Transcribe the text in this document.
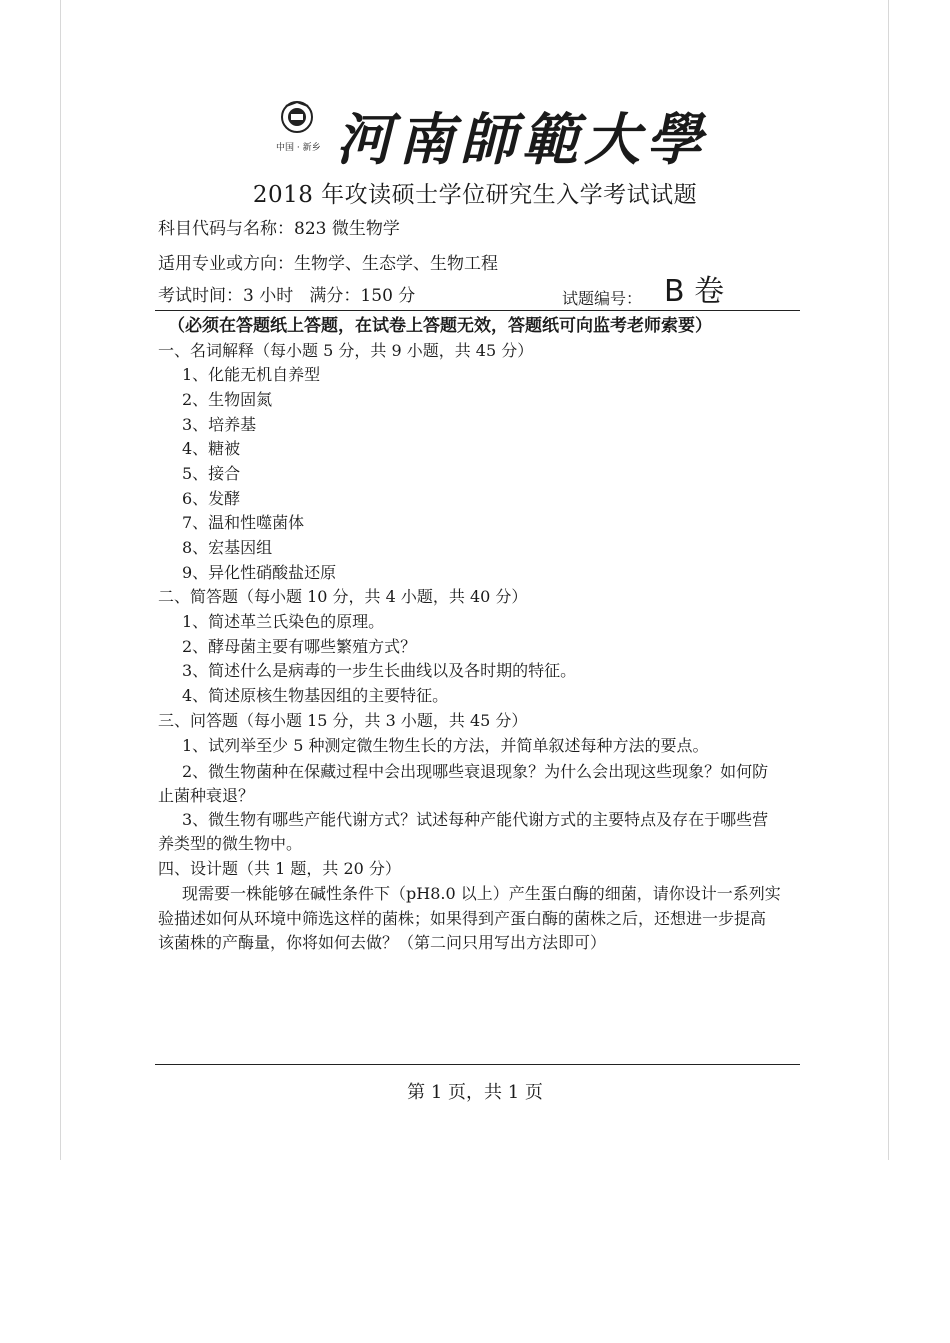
中国 · 新乡 河南師範大學
2018 年攻读硕士学位研究生入学考试试题
科目代码与名称：823 微生物学
适用专业或方向：生物学、生态学、生物工程
考试时间：3 小时   满分：150 分	试题编号： B 卷
（必须在答题纸上答题，在试卷上答题无效，答题纸可向监考老师索要）
一、名词解释（每小题 5 分，共 9 小题，共 45 分）
1、化能无机自养型
2、生物固氮
3、培养基
4、糖被
5、接合
6、发酵
7、温和性噬菌体
8、宏基因组
9、异化性硝酸盐还原
二、简答题（每小题 10 分，共 4 小题，共 40 分）
1、简述革兰氏染色的原理。
2、酵母菌主要有哪些繁殖方式？
3、简述什么是病毒的一步生长曲线以及各时期的特征。
4、简述原核生物基因组的主要特征。
三、问答题（每小题 15 分，共 3 小题，共 45 分）
1、试列举至少 5 种测定微生物生长的方法，并简单叙述每种方法的要点。
2、微生物菌种在保藏过程中会出现哪些衰退现象？为什么会出现这些现象？如何防
止菌种衰退？
3、微生物有哪些产能代谢方式？试述每种产能代谢方式的主要特点及存在于哪些营
养类型的微生物中。
四、设计题（共 1 题，共 20 分）
现需要一株能够在碱性条件下（pH8.0 以上）产生蛋白酶的细菌，请你设计一系列实
验描述如何从环境中筛选这样的菌株；如果得到产蛋白酶的菌株之后，还想进一步提高
该菌株的产酶量，你将如何去做？（第二问只用写出方法即可）
第 1 页，共 1 页
